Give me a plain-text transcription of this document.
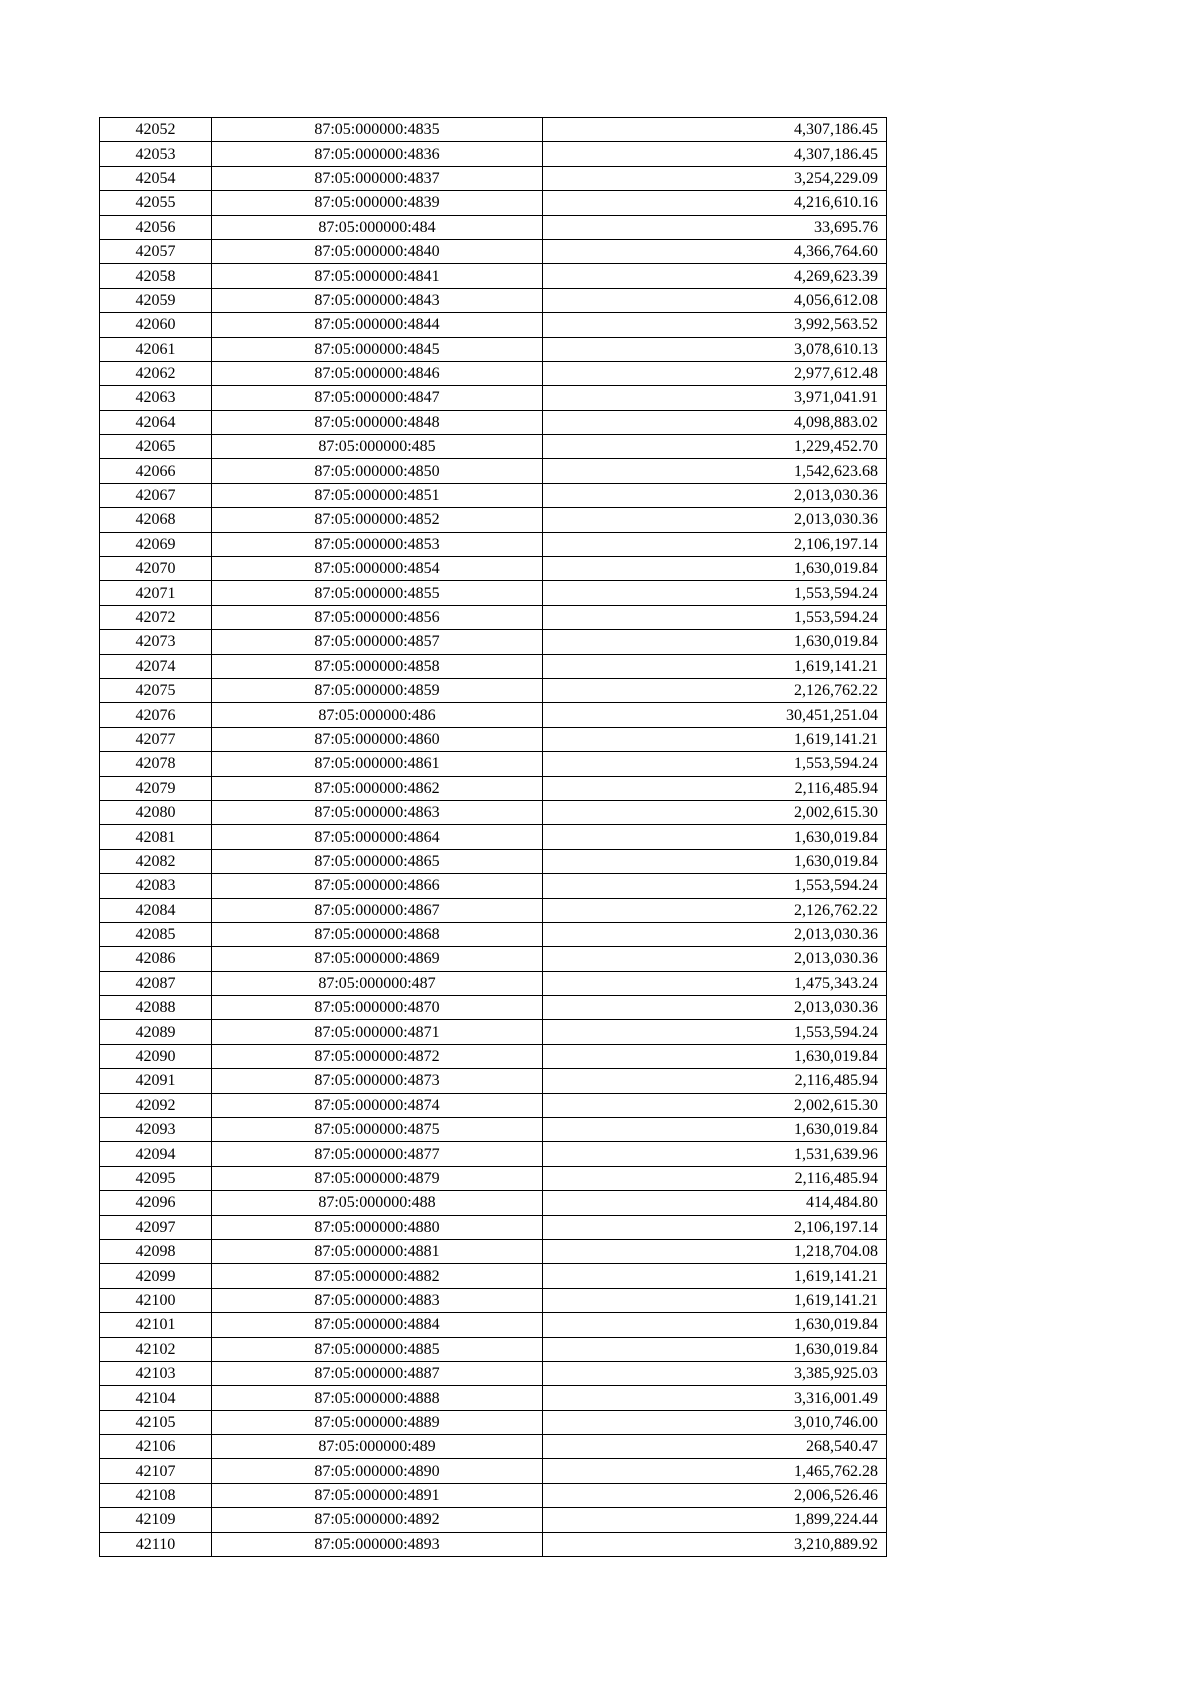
42052	87:05:000000:4835	4,307,186.45
42053	87:05:000000:4836	4,307,186.45
42054	87:05:000000:4837	3,254,229.09
42055	87:05:000000:4839	4,216,610.16
42056	87:05:000000:484	33,695.76
42057	87:05:000000:4840	4,366,764.60
42058	87:05:000000:4841	4,269,623.39
42059	87:05:000000:4843	4,056,612.08
42060	87:05:000000:4844	3,992,563.52
42061	87:05:000000:4845	3,078,610.13
42062	87:05:000000:4846	2,977,612.48
42063	87:05:000000:4847	3,971,041.91
42064	87:05:000000:4848	4,098,883.02
42065	87:05:000000:485	1,229,452.70
42066	87:05:000000:4850	1,542,623.68
42067	87:05:000000:4851	2,013,030.36
42068	87:05:000000:4852	2,013,030.36
42069	87:05:000000:4853	2,106,197.14
42070	87:05:000000:4854	1,630,019.84
42071	87:05:000000:4855	1,553,594.24
42072	87:05:000000:4856	1,553,594.24
42073	87:05:000000:4857	1,630,019.84
42074	87:05:000000:4858	1,619,141.21
42075	87:05:000000:4859	2,126,762.22
42076	87:05:000000:486	30,451,251.04
42077	87:05:000000:4860	1,619,141.21
42078	87:05:000000:4861	1,553,594.24
42079	87:05:000000:4862	2,116,485.94
42080	87:05:000000:4863	2,002,615.30
42081	87:05:000000:4864	1,630,019.84
42082	87:05:000000:4865	1,630,019.84
42083	87:05:000000:4866	1,553,594.24
42084	87:05:000000:4867	2,126,762.22
42085	87:05:000000:4868	2,013,030.36
42086	87:05:000000:4869	2,013,030.36
42087	87:05:000000:487	1,475,343.24
42088	87:05:000000:4870	2,013,030.36
42089	87:05:000000:4871	1,553,594.24
42090	87:05:000000:4872	1,630,019.84
42091	87:05:000000:4873	2,116,485.94
42092	87:05:000000:4874	2,002,615.30
42093	87:05:000000:4875	1,630,019.84
42094	87:05:000000:4877	1,531,639.96
42095	87:05:000000:4879	2,116,485.94
42096	87:05:000000:488	414,484.80
42097	87:05:000000:4880	2,106,197.14
42098	87:05:000000:4881	1,218,704.08
42099	87:05:000000:4882	1,619,141.21
42100	87:05:000000:4883	1,619,141.21
42101	87:05:000000:4884	1,630,019.84
42102	87:05:000000:4885	1,630,019.84
42103	87:05:000000:4887	3,385,925.03
42104	87:05:000000:4888	3,316,001.49
42105	87:05:000000:4889	3,010,746.00
42106	87:05:000000:489	268,540.47
42107	87:05:000000:4890	1,465,762.28
42108	87:05:000000:4891	2,006,526.46
42109	87:05:000000:4892	1,899,224.44
42110	87:05:000000:4893	3,210,889.92
